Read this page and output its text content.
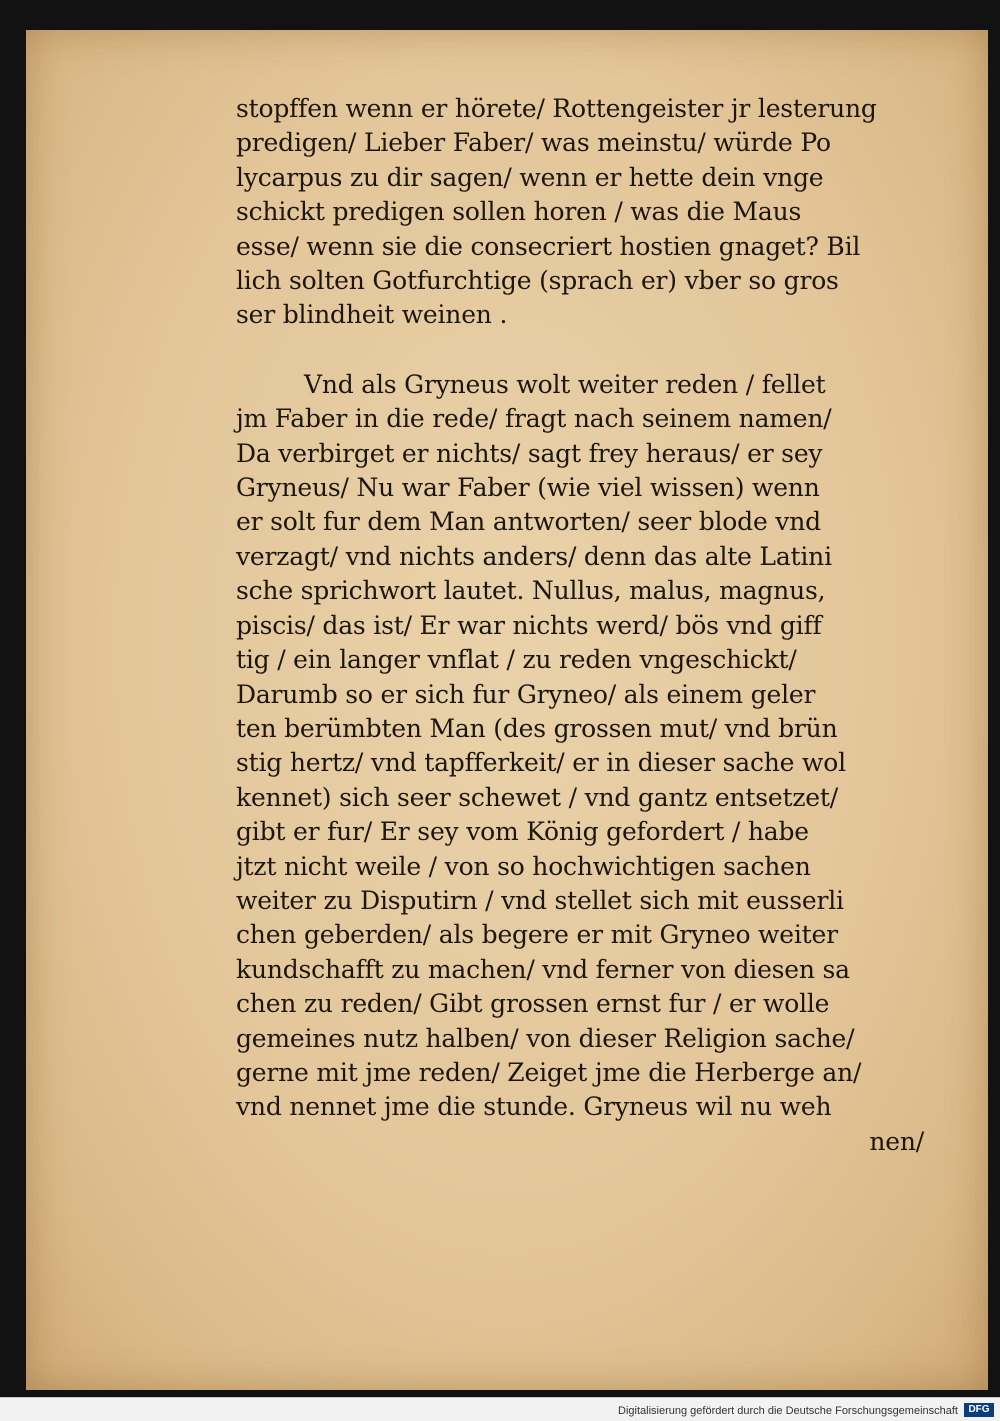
stopffen wenn er hörete/ Rottengeister jr lesterung
predigen/ Lieber Faber/ was meinstu/ würde Po
lycarpus zu dir sagen/ wenn er hette dein vnge
schickt predigen sollen horen / was die Maus
esse/ wenn sie die consecriert hostien gnaget? Bil
lich solten Gotfurchtige (sprach er) vber so gros
ser blindheit weinen .
Vnd als Gryneus wolt weiter reden / fellet
jm Faber in die rede/ fragt nach seinem namen/
Da verbirget er nichts/ sagt frey heraus/ er sey
Gryneus/ Nu war Faber (wie viel wissen) wenn
er solt fur dem Man antworten/ seer blode vnd
verzagt/ vnd nichts anders/ denn das alte Latini
sche sprichwort lautet. Nullus, malus, magnus,
piscis/ das ist/ Er war nichts werd/ bös vnd giff
tig / ein langer vnflat / zu reden vngeschickt/
Darumb so er sich fur Gryneo/ als einem geler
ten berümbten Man (des grossen mut/ vnd brün
stig hertz/ vnd tapfferkeit/ er in dieser sache wol
kennet) sich seer schewet / vnd gantz entsetzet/
gibt er fur/ Er sey vom König gefordert / habe
jtzt nicht weile / von so hochwichtigen sachen
weiter zu Disputirn / vnd stellet sich mit eusserli
chen geberden/ als begere er mit Gryneo weiter
kundschafft zu machen/ vnd ferner von diesen sa
chen zu reden/ Gibt grossen ernst fur / er wolle
gemeines nutz halben/ von dieser Religion sache/
gerne mit jme reden/ Zeiget jme die Herberge an/
vnd nennet jme die stunde. Gryneus wil nu weh
nen/
Digitalisierung gefördert durch die Deutsche Forschungsgemeinschaft	DFG
